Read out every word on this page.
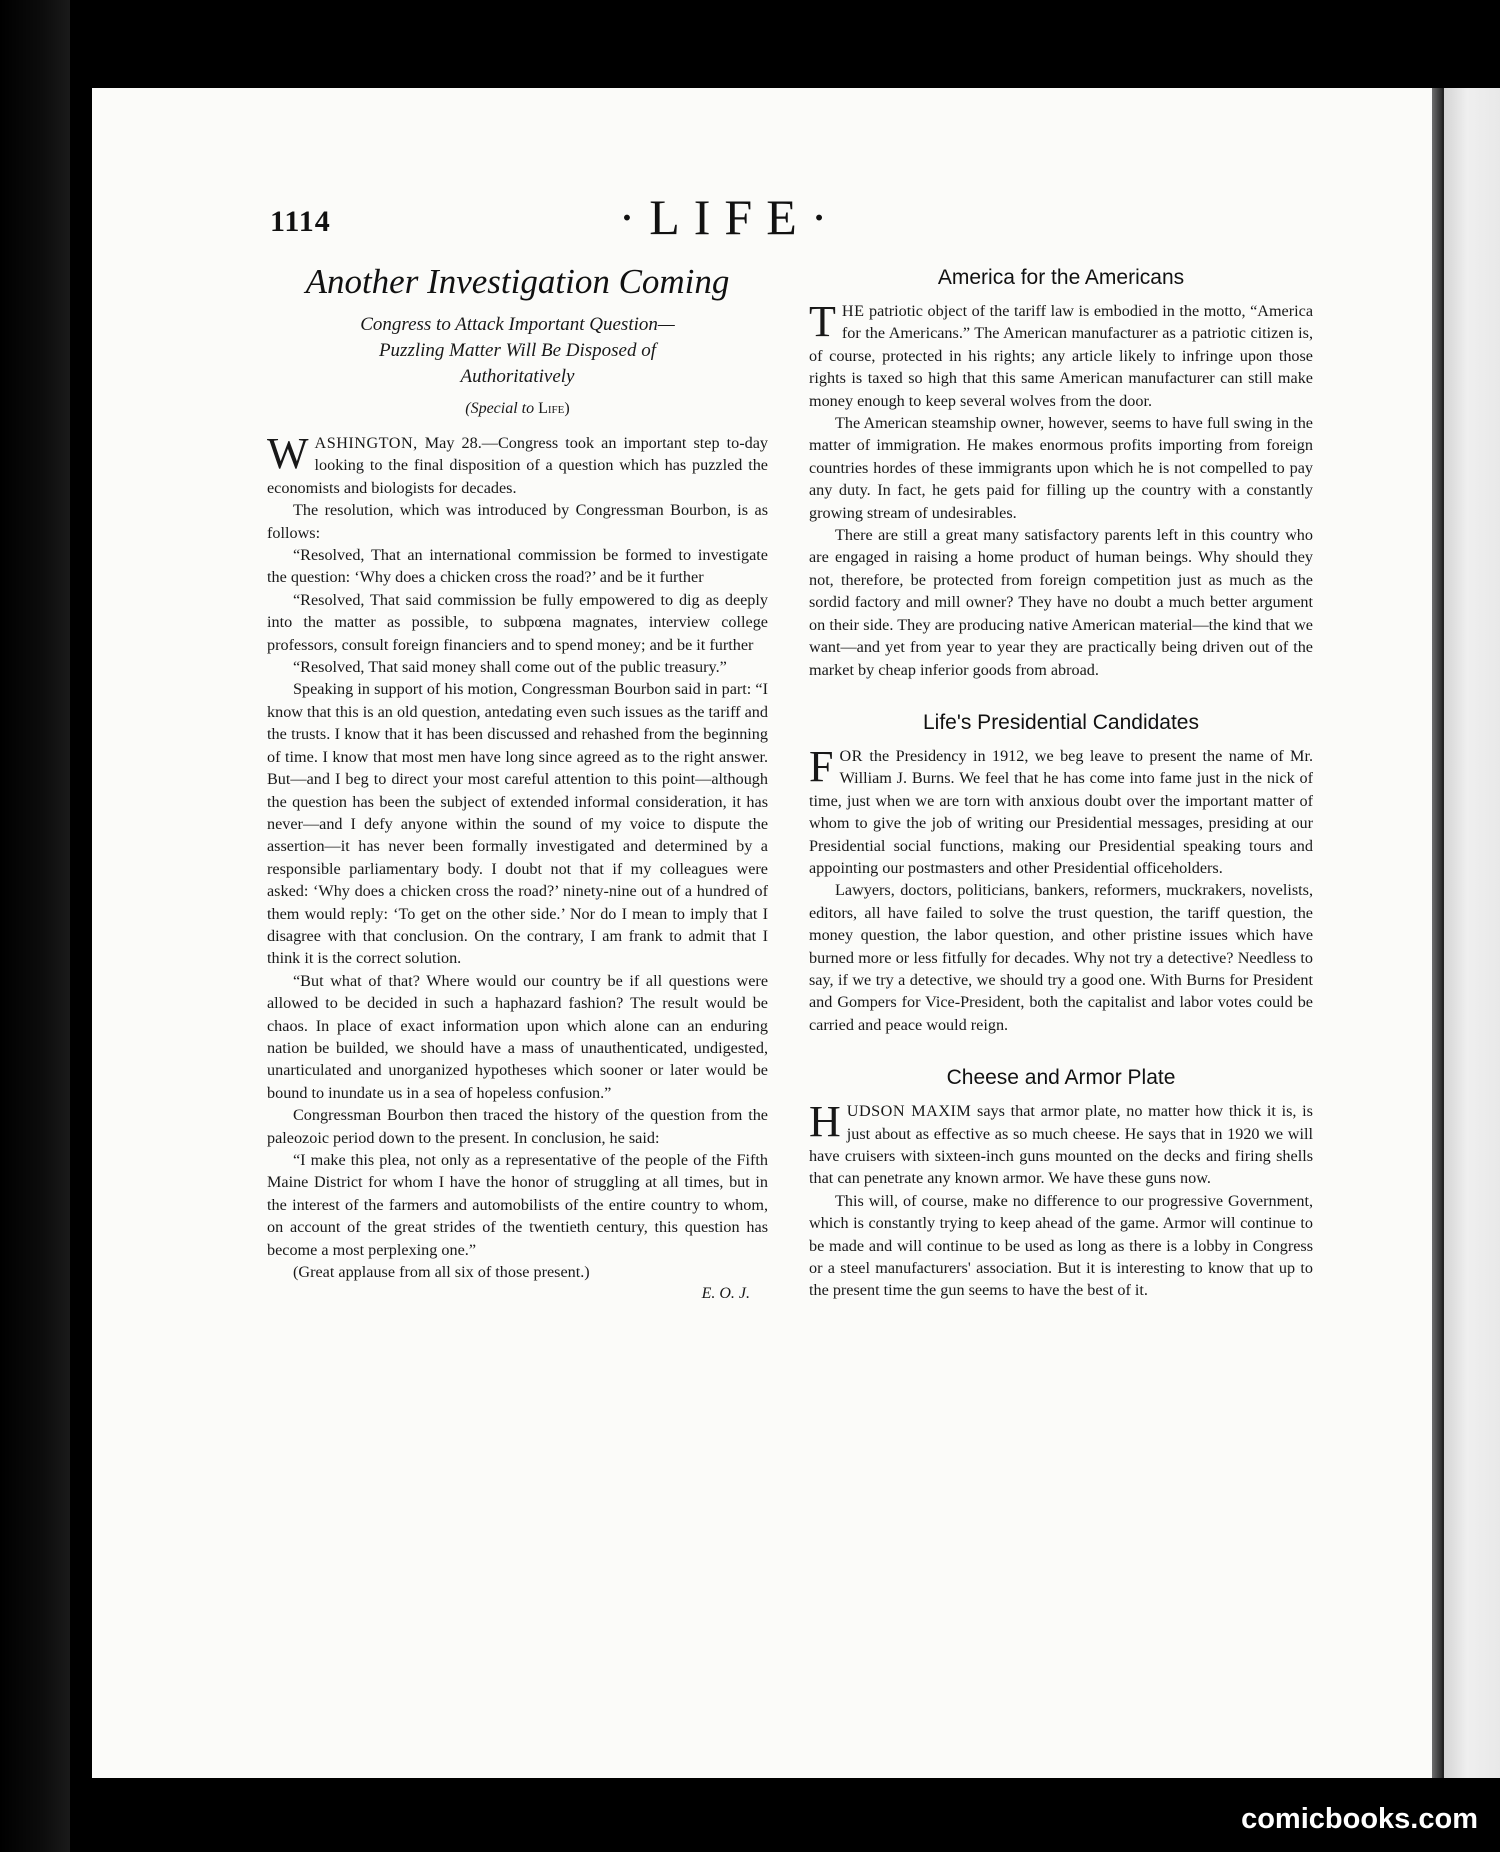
1114	·LIFE·
Another Investigation Coming
Congress to Attack Important Question—
Puzzling Matter Will Be Disposed of
Authoritatively
(Special to Life)

WASHINGTON, May 28.—Congress took an important step to-day looking to the final disposition of a question which has puzzled the economists and biologists for decades.

The resolution, which was introduced by Congressman Bourbon, is as follows:

“Resolved, That an international commission be formed to investigate the question: ‘Why does a chicken cross the road?’ and be it further

“Resolved, That said commission be fully empowered to dig as deeply into the matter as possible, to subpœna magnates, interview college professors, consult foreign financiers and to spend money; and be it further

“Resolved, That said money shall come out of the public treasury.”

Speaking in support of his motion, Congressman Bourbon said in part: “I know that this is an old question, antedating even such issues as the tariff and the trusts. I know that it has been discussed and rehashed from the beginning of time. I know that most men have long since agreed as to the right answer. But—and I beg to direct your most careful attention to this point—although the question has been the subject of extended informal consideration, it has never—and I defy anyone within the sound of my voice to dispute the assertion—it has never been formally investigated and determined by a responsible parliamentary body. I doubt not that if my colleagues were asked: ‘Why does a chicken cross the road?’ ninety-nine out of a hundred of them would reply: ‘To get on the other side.’ Nor do I mean to imply that I disagree with that conclusion. On the contrary, I am frank to admit that I think it is the correct solution.

“But what of that? Where would our country be if all questions were allowed to be decided in such a haphazard fashion? The result would be chaos. In place of exact information upon which alone can an enduring nation be builded, we should have a mass of unauthenticated, undigested, unarticulated and unorganized hypotheses which sooner or later would be bound to inundate us in a sea of hopeless confusion.”

Congressman Bourbon then traced the history of the question from the paleozoic period down to the present. In conclusion, he said:

“I make this plea, not only as a representative of the people of the Fifth Maine District for whom I have the honor of struggling at all times, but in the interest of the farmers and automobilists of the entire country to whom, on account of the great strides of the twentieth century, this question has become a most perplexing one.”

(Great applause from all six of those present.)

E. O. J.
America for the Americans

THE patriotic object of the tariff law is embodied in the motto, “America for the Americans.” The American manufacturer as a patriotic citizen is, of course, protected in his rights; any article likely to infringe upon those rights is taxed so high that this same American manufacturer can still make money enough to keep several wolves from the door.

The American steamship owner, however, seems to have full swing in the matter of immigration. He makes enormous profits importing from foreign countries hordes of these immigrants upon which he is not compelled to pay any duty. In fact, he gets paid for filling up the country with a constantly growing stream of undesirables.

There are still a great many satisfactory parents left in this country who are engaged in raising a home product of human beings. Why should they not, therefore, be protected from foreign competition just as much as the sordid factory and mill owner? They have no doubt a much better argument on their side. They are producing native American material—the kind that we want—and yet from year to year they are practically being driven out of the market by cheap inferior goods from abroad.

Life's Presidential Candidates

FOR the Presidency in 1912, we beg leave to present the name of Mr. William J. Burns. We feel that he has come into fame just in the nick of time, just when we are torn with anxious doubt over the important matter of whom to give the job of writing our Presidential messages, presiding at our Presidential social functions, making our Presidential speaking tours and appointing our postmasters and other Presidential officeholders.

Lawyers, doctors, politicians, bankers, reformers, muckrakers, novelists, editors, all have failed to solve the trust question, the tariff question, the money question, the labor question, and other pristine issues which have burned more or less fitfully for decades. Why not try a detective? Needless to say, if we try a detective, we should try a good one. With Burns for President and Gompers for Vice-President, both the capitalist and labor votes could be carried and peace would reign.

Cheese and Armor Plate

HUDSON MAXIM says that armor plate, no matter how thick it is, is just about as effective as so much cheese. He says that in 1920 we will have cruisers with sixteen-inch guns mounted on the decks and firing shells that can penetrate any known armor. We have these guns now.

This will, of course, make no difference to our progressive Government, which is constantly trying to keep ahead of the game. Armor will continue to be made and will continue to be used as long as there is a lobby in Congress or a steel manufacturers' association. But it is interesting to know that up to the present time the gun seems to have the best of it.

comicbooks.com
